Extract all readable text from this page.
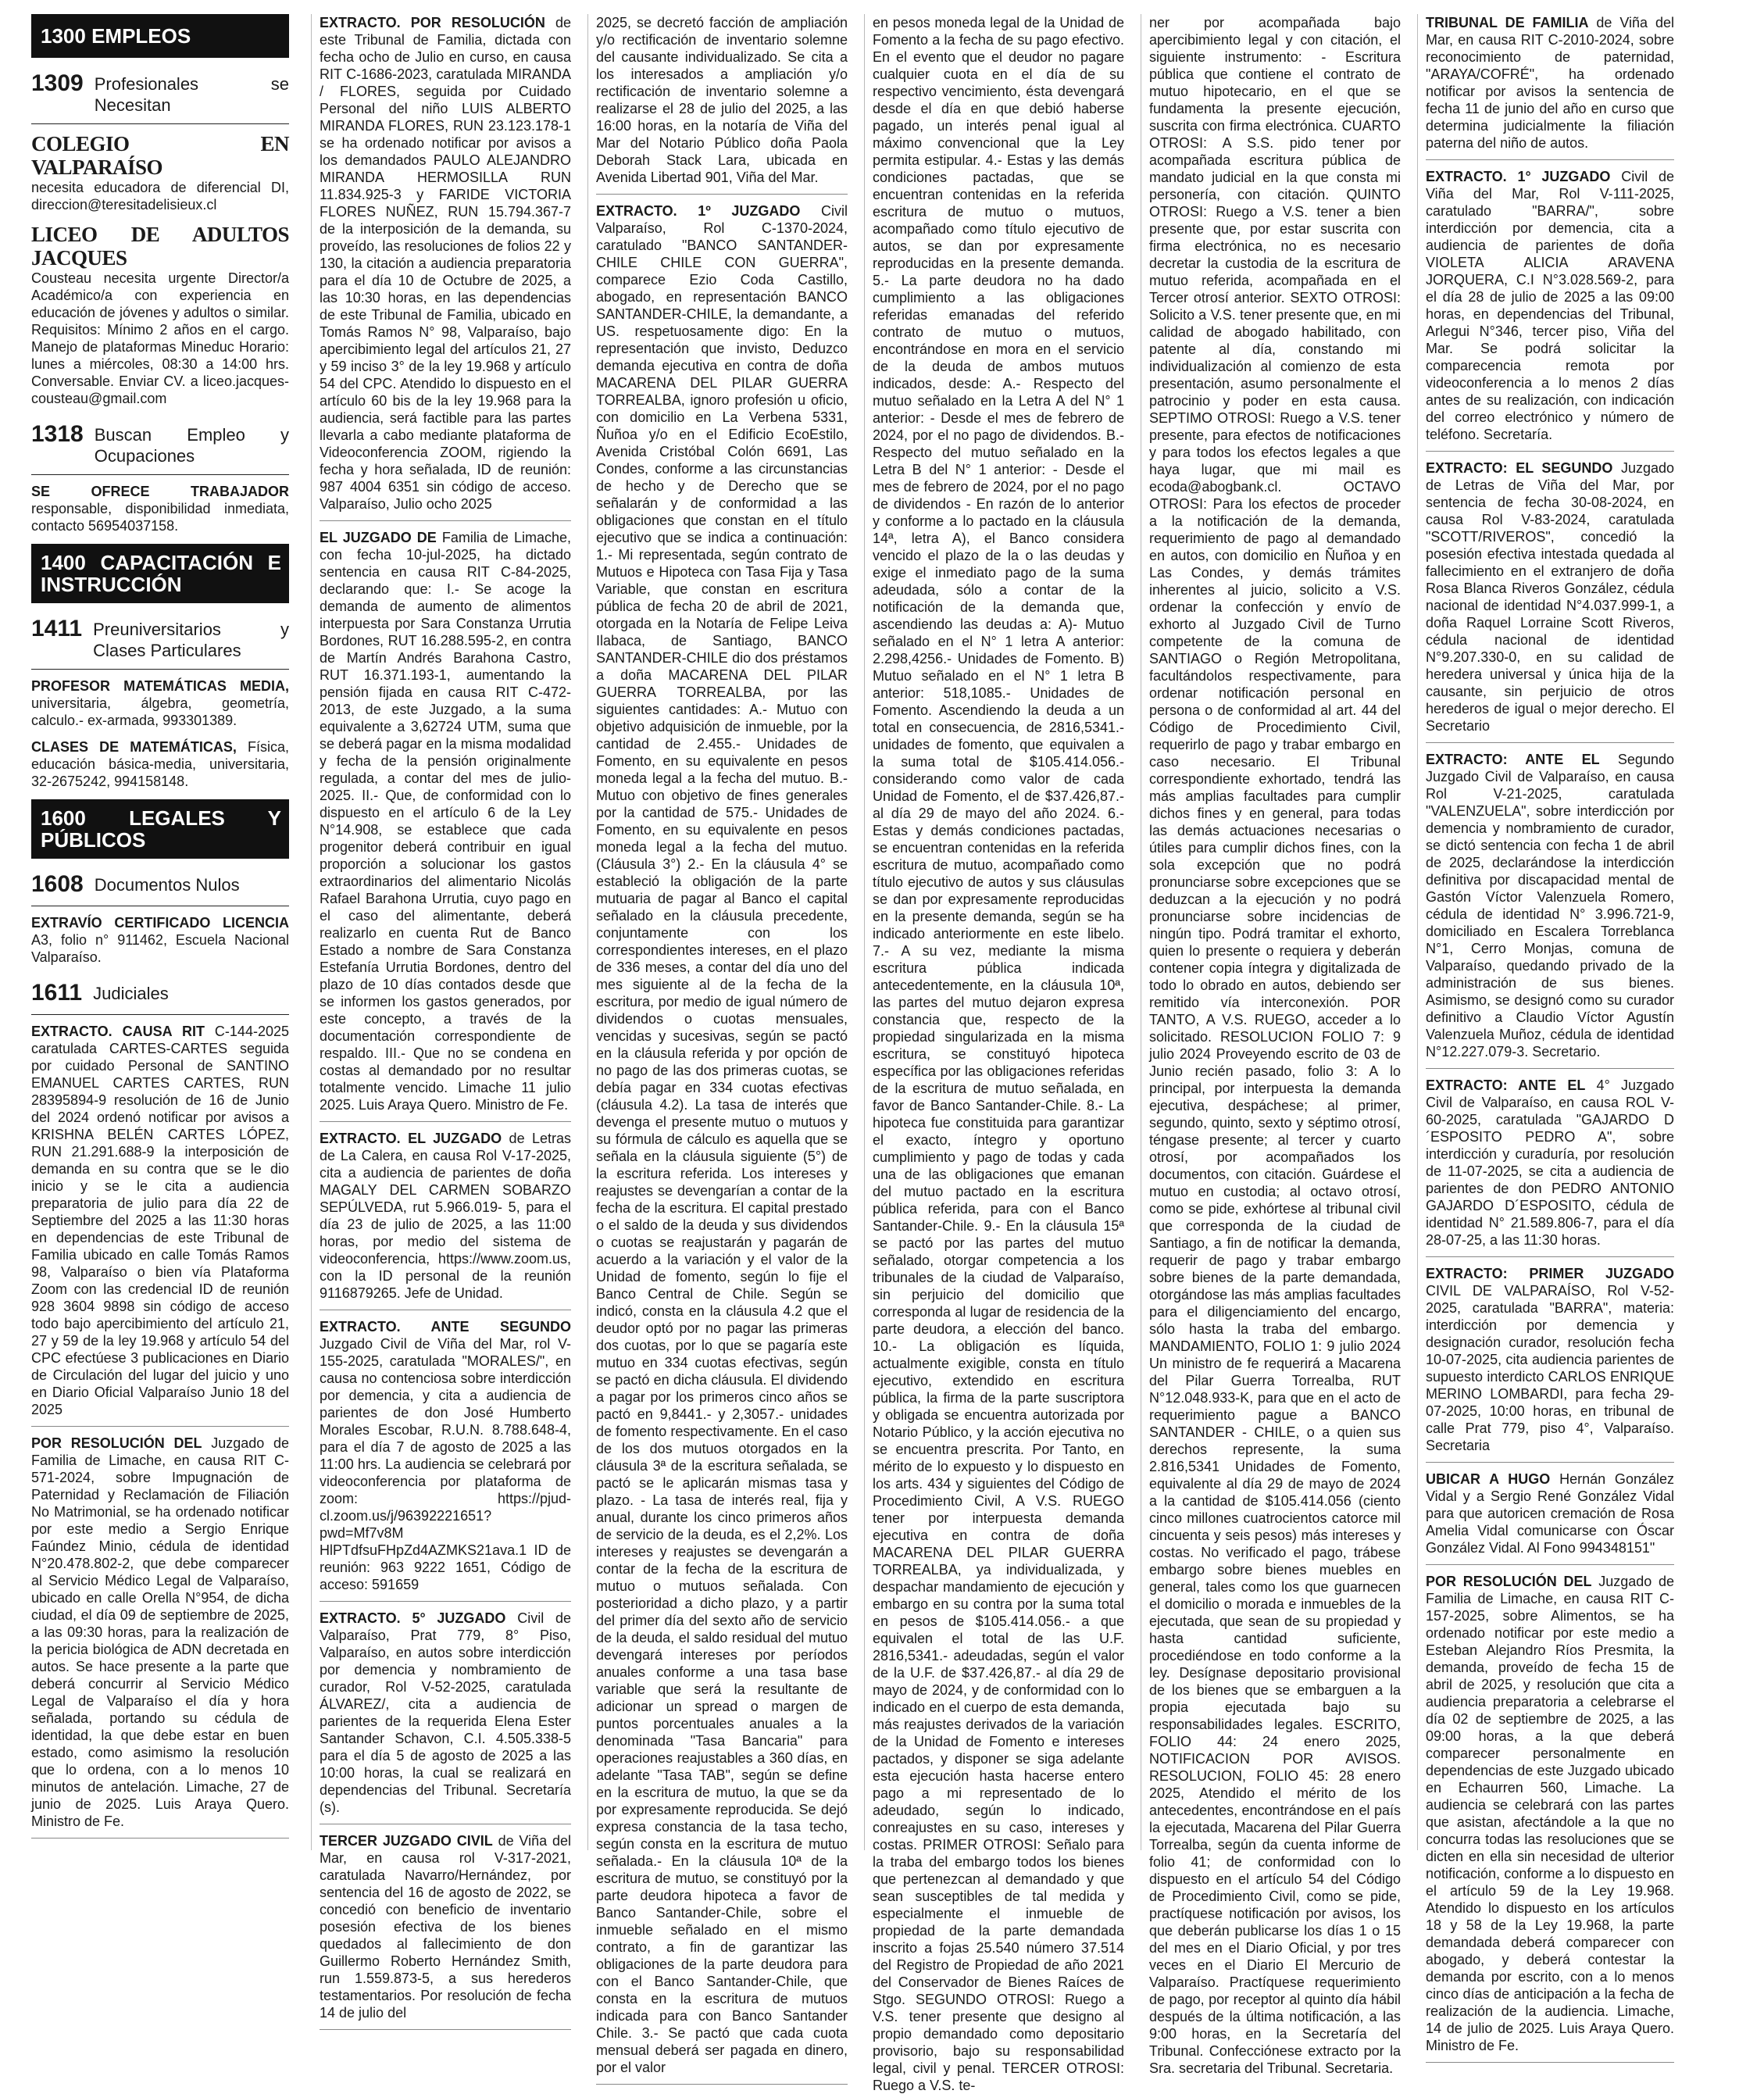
1300 EMPLEOS
1309 Profesionales se Necesitan
COLEGIO EN VALPARAÍSO
necesita educadora de diferencial DI, direccion@teresitadelisieux.cl
LICEO DE ADULTOS JACQUES
Cousteau necesita urgente Director/a Académico/a con experiencia en educación de jóvenes y adultos o similar. Requisitos: Mínimo 2 años en el cargo. Manejo de plataformas Mineduc Horario: lunes a miércoles, 08:30 a 14:00 hrs. Conversable. Enviar CV. a liceo.jacques-cousteau@gmail.com
1318 Buscan Empleo y Ocupaciones
SE OFRECE TRABAJADOR responsable, disponibilidad inmediata, contacto 56954037158.
1400 CAPACITACIÓN E INSTRUCCIÓN
1411 Preuniversitarios y Clases Particulares
PROFESOR MATEMÁTICAS MEDIA, universitaria, álgebra, geometría, calculo.- ex-armada, 993301389.
CLASES DE MATEMÁTICAS, Física, educación básica-media, universitaria, 32-2675242, 994158148.
1600 LEGALES Y PÚBLICOS
1608 Documentos Nulos
EXTRAVÍO CERTIFICADO LICENCIA A3, folio n° 911462, Escuela Nacional Valparaíso.
1611 Judiciales
EXTRACTO. CAUSA RIT C-144-2025 caratulada CARTES-CARTES seguida por cuidado Personal de SANTINO EMANUEL CARTES CARTES, RUN 28395894-9 resolución de 16 de Junio del 2024 ordenó notificar por avisos a KRISHNA BELÉN CARTES LÓPEZ, RUN 21.291.688-9 la interposición de demanda en su contra que se le dio inicio y se le cita a audiencia preparatoria de julio para día 22 de Septiembre del 2025 a las 11:30 horas en dependencias de este Tribunal de Familia ubicado en calle Tomás Ramos 98, Valparaíso o bien vía Plataforma Zoom con las credencial ID de reunión 928 3604 9898 sin código de acceso todo bajo apercibimiento del artículo 21, 27 y 59 de la ley 19.968 y artículo 54 del CPC efectúese 3 publicaciones en Diario de Circulación del lugar del juicio y uno en Diario Oficial Valparaíso Junio 18 del 2025
POR RESOLUCIÓN DEL Juzgado de Familia de Limache, en causa RIT C-571-2024, sobre Impugnación de Paternidad y Reclamación de Filiación No Matrimonial, se ha ordenado notificar por este medio a Sergio Enrique Faúndez Minio, cédula de identidad N°20.478.802-2, que debe comparecer al Servicio Médico Legal de Valparaíso, ubicado en calle Orella N°954, de dicha ciudad, el día 09 de septiembre de 2025, a las 09:30 horas, para la realización de la pericia biológica de ADN decretada en autos. Se hace presente a la parte que deberá concurrir al Servicio Médico Legal de Valparaíso el día y hora señalada, portando su cédula de identidad, la que debe estar en buen estado, como asimismo la resolución que lo ordena, con a lo menos 10 minutos de antelación. Limache, 27 de junio de 2025. Luis Araya Quero. Ministro de Fe.
EXTRACTO. POR RESOLUCIÓN de este Tribunal de Familia, dictada con fecha ocho de Julio en curso, en causa RIT C-1686-2023, caratulada MIRANDA / FLORES, seguida por Cuidado Personal del niño LUIS ALBERTO MIRANDA FLORES, RUN 23.123.178-1 se ha ordenado notificar por avisos a los demandados PAULO ALEJANDRO MIRANDA HERMOSILLA RUN 11.834.925-3 y FARIDE VICTORIA FLORES NUÑEZ, RUN 15.794.367-7 de la interposición de la demanda, su proveído, las resoluciones de folios 22 y 130, la citación a audiencia preparatoria para el día 10 de Octubre de 2025, a las 10:30 horas, en las dependencias de este Tribunal de Familia, ubicado en Tomás Ramos N° 98, Valparaíso, bajo apercibimiento legal del artículos 21, 27 y 59 inciso 3° de la ley 19.968 y artículo 54 del CPC. Atendido lo dispuesto en el artículo 60 bis de la ley 19.968 para la audiencia, será factible para las partes llevarla a cabo mediante plataforma de Videoconferencia ZOOM, rigiendo la fecha y hora señalada, ID de reunión: 987 4004 6351 sin código de acceso. Valparaíso, Julio ocho 2025
EL JUZGADO DE Familia de Limache, con fecha 10-jul-2025, ha dictado sentencia en causa RIT C-84-2025, declarando que: I.- Se acoge la demanda de aumento de alimentos interpuesta por Sara Constanza Urrutia Bordones, RUT 16.288.595-2, en contra de Martín Andrés Barahona Castro, RUT 16.371.193-1, aumentando la pensión fijada en causa RIT C-472-2013, de este Juzgado, a la suma equivalente a 3,62724 UTM, suma que se deberá pagar en la misma modalidad y fecha de la pensión originalmente regulada, a contar del mes de julio-2025. II.- Que, de conformidad con lo dispuesto en el artículo 6 de la Ley N°14.908, se establece que cada progenitor deberá contribuir en igual proporción a solucionar los gastos extraordinarios del alimentario Nicolás Rafael Barahona Urrutia, cuyo pago en el caso del alimentante, deberá realizarlo en cuenta Rut de Banco Estado a nombre de Sara Constanza Estefanía Urrutia Bordones, dentro del plazo de 10 días contados desde que se informen los gastos generados, por este concepto, a través de la documentación correspondiente de respaldo. III.- Que no se condena en costas al demandado por no resultar totalmente vencido. Limache 11 julio 2025. Luis Araya Quero. Ministro de Fe.
EXTRACTO. EL JUZGADO de Letras de La Calera, en causa Rol V-17-2025, cita a audiencia de parientes de doña MAGALY DEL CARMEN SOBARZO SEPÚLVEDA, rut 5.966.019- 5, para el día 23 de julio de 2025, a las 11:00 horas, por medio del sistema de videoconferencia, https://www.zoom.us, con la ID personal de la reunión 9116879265. Jefe de Unidad.
EXTRACTO. ANTE SEGUNDO Juzgado Civil de Viña del Mar, rol V-155-2025, caratulada "MORALES/", en causa no contenciosa sobre interdicción por demencia, y cita a audiencia de parientes de don José Humberto Morales Escobar, R.U.N. 8.788.648-4, para el día 7 de agosto de 2025 a las 11:00 hrs. La audiencia se celebrará por videoconferencia por plataforma de zoom: https://pjud-cl.zoom.us/j/96392221651?pwd=Mf7v8M HlPTdfsuFHpZd4AZMKS21ava.1 ID de reunión: 963 9222 1651, Código de acceso: 591659
EXTRACTO. 5° JUZGADO Civil de Valparaíso, Prat 779, 8° Piso, Valparaíso, en autos sobre interdicción por demencia y nombramiento de curador, Rol V-52-2025, caratulada ÁLVAREZ/, cita a audiencia de parientes de la requerida Elena Ester Santander Schavon, C.I. 4.505.338-5 para el día 5 de agosto de 2025 a las 10:00 horas, la cual se realizará en dependencias del Tribunal. Secretaría (s).
TERCER JUZGADO CIVIL de Viña del Mar, en causa rol V-317-2021, caratulada Navarro/Hernández, por sentencia del 16 de agosto de 2022, se concedió con beneficio de inventario posesión efectiva de los bienes quedados al fallecimiento de don Guillermo Roberto Hernández Smith, run 1.559.873-5, a sus herederos testamentarios. Por resolución de fecha 14 de julio del
2025, se decretó facción de ampliación y/o rectificación de inventario solemne del causante individualizado. Se cita a los interesados a ampliación y/o rectificación de inventario solemne a realizarse el 28 de julio del 2025, a las 16:00 horas, en la notaría de Viña del Mar del Notario Público doña Paola Deborah Stack Lara, ubicada en Avenida Libertad 901, Viña del Mar.
EXTRACTO. 1º JUZGADO Civil Valparaíso, Rol C-1370-2024, caratulado "BANCO SANTANDER-CHILE CHILE CON GUERRA", comparece Ezio Coda Castillo, abogado, en representación BANCO SANTANDER-CHILE, la demandante, a US. respetuosamente digo: En la representación que invisto, Deduzco demanda ejecutiva en contra de doña MACARENA DEL PILAR GUERRA TORREALBA, ignoro profesión u oficio, con domicilio en La Verbena 5331, Ñuñoa y/o en el Edificio EcoEstilo, Avenida Cristóbal Colón 6691, Las Condes, conforme a las circunstancias de hecho y de Derecho que se señalarán y de conformidad a las obligaciones que constan en el título ejecutivo que se indica a continuación: 1.- Mi representada, según contrato de Mutuos e Hipoteca con Tasa Fija y Tasa Variable, que constan en escritura pública de fecha 20 de abril de 2021, otorgada en la Notaría de Felipe Leiva Ilabaca, de Santiago, BANCO SANTANDER-CHILE dio dos préstamos a doña MACARENA DEL PILAR GUERRA TORREALBA, por las siguientes cantidades: A.- Mutuo con objetivo adquisición de inmueble, por la cantidad de 2.455.- Unidades de Fomento, en su equivalente en pesos moneda legal a la fecha del mutuo. B.- Mutuo con objetivo de fines generales por la cantidad de 575.- Unidades de Fomento, en su equivalente en pesos moneda legal a la fecha del mutuo. (Cláusula 3°) 2.- En la cláusula 4° se estableció la obligación de la parte mutuaria de pagar al Banco el capital señalado en la cláusula precedente, conjuntamente con los correspondientes intereses, en el plazo de 336 meses, a contar del día uno del mes siguiente al de la fecha de la escritura, por medio de igual número de dividendos o cuotas mensuales, vencidas y sucesivas, según se pactó en la cláusula referida y por opción de no pago de las dos primeras cuotas, se debía pagar en 334 cuotas efectivas (cláusula 4.2). La tasa de interés que devenga el presente mutuo o mutuos y su fórmula de cálculo es aquella que se señala en la cláusula siguiente (5°) de la escritura referida. Los intereses y reajustes se devengarían a contar de la fecha de la escritura. El capital prestado o el saldo de la deuda y sus dividendos o cuotas se reajustarán y pagarán de acuerdo a la variación y el valor de la Unidad de fomento, según lo fije el Banco Central de Chile. Según se indicó, consta en la cláusula 4.2 que el deudor optó por no pagar las primeras dos cuotas, por lo que se pagaría este mutuo en 334 cuotas efectivas, según se pactó en dicha cláusula. El dividendo a pagar por los primeros cinco años se pactó en 9,8441.- y 2,3057.- unidades de fomento respectivamente. En el caso de los dos mutuos otorgados en la cláusula 3ª de la escritura señalada, se pactó se le aplicarán mismas tasa y plazo. - La tasa de interés real, fija y anual, durante los cinco primeros años de servicio de la deuda, es el 2,2%. Los intereses y reajustes se devengarán a contar de la fecha de la escritura de mutuo o mutuos señalada. Con posterioridad a dicho plazo, y a partir del primer día del sexto año de servicio de la deuda, el saldo residual del mutuo devengará intereses por períodos anuales conforme a una tasa base variable que será la resultante de adicionar un spread o margen de puntos porcentuales anuales a la denominada "Tasa Bancaria" para operaciones reajustables a 360 días, en adelante "Tasa TAB", según se define en la escritura de mutuo, la que se da por expresamente reproducida. Se dejó expresa constancia de la tasa techo, según consta en la escritura de mutuo señalada.- En la cláusula 10ª de la escritura de mutuo, se constituyó por la parte deudora hipoteca a favor de Banco Santander-Chile, sobre el inmueble señalado en el mismo contrato, a fin de garantizar las obligaciones de la parte deudora para con el Banco Santander-Chile, que consta en la escritura de mutuos indicada para con Banco Santander Chile. 3.- Se pactó que cada cuota mensual deberá ser pagada en dinero, por el valor
en pesos moneda legal de la Unidad de Fomento a la fecha de su pago efectivo. En el evento que el deudor no pagare cualquier cuota en el día de su respectivo vencimiento, ésta devengará desde el día en que debió haberse pagado, un interés penal igual al máximo convencional que la Ley permita estipular. 4.- Estas y las demás condiciones pactadas, que se encuentran contenidas en la referida escritura de mutuo o mutuos, acompañado como título ejecutivo de autos, se dan por expresamente reproducidas en la presente demanda. 5.- La parte deudora no ha dado cumplimiento a las obligaciones referidas emanadas del referido contrato de mutuo o mutuos, encontrándose en mora en el servicio de la deuda de ambos mutuos indicados, desde: A.- Respecto del mutuo señalado en la Letra A del N° 1 anterior: - Desde el mes de febrero de 2024, por el no pago de dividendos. B.- Respecto del mutuo señalado en la Letra B del N° 1 anterior: - Desde el mes de febrero de 2024, por el no pago de dividendos - En razón de lo anterior y conforme a lo pactado en la cláusula 14ª, letra A), el Banco considera vencido el plazo de la o las deudas y exige el inmediato pago de la suma adeudada, sólo a contar de la notificación de la demanda que, ascendiendo las deudas a: A)- Mutuo señalado en el N° 1 letra A anterior: 2.298,4256.- Unidades de Fomento. B) Mutuo señalado en el N° 1 letra B anterior: 518,1085.- Unidades de Fomento. Ascendiendo la deuda a un total en consecuencia, de 2816,5341.- unidades de fomento, que equivalen a la suma total de $105.414.056.- considerando como valor de cada Unidad de Fomento, el de $37.426,87.- al día 29 de mayo del año 2024. 6.- Estas y demás condiciones pactadas, se encuentran contenidas en la referida escritura de mutuo, acompañado como título ejecutivo de autos y sus cláusulas se dan por expresamente reproducidas en la presente demanda, según se ha indicado anteriormente en este libelo. 7.- A su vez, mediante la misma escritura pública indicada antecedentemente, en la cláusula 10ª, las partes del mutuo dejaron expresa constancia que, respecto de la propiedad singularizada en la misma escritura, se constituyó hipoteca específica por las obligaciones referidas de la escritura de mutuo señalada, en favor de Banco Santander-Chile. 8.- La hipoteca fue constituida para garantizar el exacto, íntegro y oportuno cumplimiento y pago de todas y cada una de las obligaciones que emanan del mutuo pactado en la escritura pública referida, para con el Banco Santander-Chile. 9.- En la cláusula 15ª se pactó por las partes del mutuo señalado, otorgar competencia a los tribunales de la ciudad de Valparaíso, sin perjuicio del domicilio que corresponda al lugar de residencia de la parte deudora, a elección del banco. 10.- La obligación es líquida, actualmente exigible, consta en título ejecutivo, extendido en escritura pública, la firma de la parte suscriptora y obligada se encuentra autorizada por Notario Público, y la acción ejecutiva no se encuentra prescrita. Por Tanto, en mérito de lo expuesto y lo dispuesto en los arts. 434 y siguientes del Código de Procedimiento Civil, A V.S. RUEGO tener por interpuesta demanda ejecutiva en contra de doña MACARENA DEL PILAR GUERRA TORREALBA, ya individualizada, y despachar mandamiento de ejecución y embargo en su contra por la suma total en pesos de $105.414.056.- a que equivalen el total de las U.F. 2816,5341.- adeudadas, según el valor de la U.F. de $37.426,87.- al día 29 de mayo de 2024, y de conformidad con lo indicado en el cuerpo de esta demanda, más reajustes derivados de la variación de la Unidad de Fomento e intereses pactados, y disponer se siga adelante esta ejecución hasta hacerse entero pago a mi representado de lo adeudado, según lo indicado, conreajustes en su caso, intereses y costas. PRIMER OTROSI: Señalo para la traba del embargo todos los bienes que pertenezcan al demandado y que sean susceptibles de tal medida y especialmente el inmueble de propiedad de la parte demandada inscrito a fojas 25.540 número 37.514 del Registro de Propiedad de año 2021 del Conservador de Bienes Raíces de Stgo. SEGUNDO OTROSI: Ruego a V.S. tener presente que designo al propio demandado como depositario provisorio, bajo su responsabilidad legal, civil y penal. TERCER OTROSI: Ruego a V.S. te-
ner por acompañada bajo apercibimiento legal y con citación, el siguiente instrumento: - Escritura pública que contiene el contrato de mutuo hipotecario, en el que se fundamenta la presente ejecución, suscrita con firma electrónica. CUARTO OTROSI: A S.S. pido tener por acompañada escritura pública de mandato judicial en la que consta mi personería, con citación. QUINTO OTROSI: Ruego a V.S. tener a bien presente que, por estar suscrita con firma electrónica, no es necesario decretar la custodia de la escritura de mutuo referida, acompañada en el Tercer otrosí anterior. SEXTO OTROSI: Solicito a V.S. tener presente que, en mi calidad de abogado habilitado, con patente al día, constando mi individualización al comienzo de esta presentación, asumo personalmente el patrocinio y poder en esta causa. SEPTIMO OTROSI: Ruego a V.S. tener presente, para efectos de notificaciones y para todos los efectos legales a que haya lugar, que mi mail es ecoda@abogbank.cl. OCTAVO OTROSI: Para los efectos de proceder a la notificación de la demanda, requerimiento de pago al demandado en autos, con domicilio en Ñuñoa y en Las Condes, y demás trámites inherentes al juicio, solicito a V.S. ordenar la confección y envío de exhorto al Juzgado Civil de Turno competente de la comuna de SANTIAGO o Región Metropolitana, facultándolos respectivamente, para ordenar notificación personal en persona o de conformidad al art. 44 del Código de Procedimiento Civil, requerirlo de pago y trabar embargo en caso necesario. El Tribunal correspondiente exhortado, tendrá las más amplias facultades para cumplir dichos fines y en general, para todas las demás actuaciones necesarias o útiles para cumplir dichos fines, con la sola excepción que no podrá pronunciarse sobre excepciones que se deduzcan a la ejecución y no podrá pronunciarse sobre incidencias de ningún tipo. Podrá tramitar el exhorto, quien lo presente o requiera y deberán contener copia íntegra y digitalizada de todo lo obrado en autos, debiendo ser remitido vía interconexión. POR TANTO, A V.S. RUEGO, acceder a lo solicitado. RESOLUCION FOLIO 7: 9 julio 2024 Proveyendo escrito de 03 de Junio recién pasado, folio 3: A lo principal, por interpuesta la demanda ejecutiva, despáchese; al primer, segundo, quinto, sexto y séptimo otrosí, téngase presente; al tercer y cuarto otrosí, por acompañados los documentos, con citación. Guárdese el mutuo en custodia; al octavo otrosí, como se pide, exhórtese al tribunal civil que corresponda de la ciudad de Santiago, a fin de notificar la demanda, requerir de pago y trabar embargo sobre bienes de la parte demandada, otorgándose las más amplias facultades para el diligenciamiento del encargo, sólo hasta la traba del embargo. MANDAMIENTO, FOLIO 1: 9 julio 2024 Un ministro de fe requerirá a Macarena del Pilar Guerra Torrealba, RUT N°12.048.933-K, para que en el acto de requerimiento pague a BANCO SANTANDER - CHILE, o a quien sus derechos represente, la suma 2.816,5341 Unidades de Fomento, equivalente al día 29 de mayo de 2024 a la cantidad de $105.414.056 (ciento cinco millones cuatrocientos catorce mil cincuenta y seis pesos) más intereses y costas. No verificado el pago, trábese embargo sobre bienes muebles en general, tales como los que guarnecen el domicilio o morada e inmuebles de la ejecutada, que sean de su propiedad y hasta cantidad suficiente, procediéndose en todo conforme a la ley. Desígnase depositario provisional de los bienes que se embarguen a la propia ejecutada bajo su responsabilidades legales. ESCRITO, FOLIO 44: 24 enero 2025, NOTIFICACION POR AVISOS. RESOLUCION, FOLIO 45: 28 enero 2025, Atendido el mérito de los antecedentes, encontrándose en el país la ejecutada, Macarena del Pilar Guerra Torrealba, según da cuenta informe de folio 41; de conformidad con lo dispuesto en el artículo 54 del Código de Procedimiento Civil, como se pide, practíquese notificación por avisos, los que deberán publicarse los días 1 o 15 del mes en el Diario Oficial, y por tres veces en el Diario El Mercurio de Valparaíso. Practíquese requerimiento de pago, por receptor al quinto día hábil después de la última notificación, a las 9:00 horas, en la Secretaría del Tribunal. Confecciónese extracto por la Sra. secretaria del Tribunal. Secretaria.
TRIBUNAL DE FAMILIA de Viña del Mar, en causa RIT C-2010-2024, sobre reconocimiento de paternidad, "ARAYA/COFRÉ", ha ordenado notificar por avisos la sentencia de fecha 11 de junio del año en curso que determina judicialmente la filiación paterna del niño de autos.
EXTRACTO. 1° JUZGADO Civil de Viña del Mar, Rol V-111-2025, caratulado "BARRA/", sobre interdicción por demencia, cita a audiencia de parientes de doña VIOLETA ALICIA ARAVENA JORQUERA, C.I N°3.028.569-2, para el día 28 de julio de 2025 a las 09:00 horas, en dependencias del Tribunal, Arlegui N°346, tercer piso, Viña del Mar. Se podrá solicitar la comparecencia remota por videoconferencia a lo menos 2 días antes de su realización, con indicación del correo electrónico y número de teléfono. Secretaría.
EXTRACTO: EL SEGUNDO Juzgado de Letras de Viña del Mar, por sentencia de fecha 30-08-2024, en causa Rol V-83-2024, caratulada "SCOTT/RIVEROS", concedió la posesión efectiva intestada quedada al fallecimiento en el extranjero de doña Rosa Blanca Riveros González, cédula nacional de identidad N°4.037.999-1, a doña Raquel Lorraine Scott Riveros, cédula nacional de identidad N°9.207.330-0, en su calidad de heredera universal y única hija de la causante, sin perjuicio de otros herederos de igual o mejor derecho. El Secretario
EXTRACTO: ANTE EL Segundo Juzgado Civil de Valparaíso, en causa Rol V-21-2025, caratulada "VALENZUELA", sobre interdicción por demencia y nombramiento de curador, se dictó sentencia con fecha 1 de abril de 2025, declarándose la interdicción definitiva por discapacidad mental de Gastón Víctor Valenzuela Romero, cédula de identidad N° 3.996.721-9, domiciliado en Escalera Torreblanca N°1, Cerro Monjas, comuna de Valparaíso, quedando privado de la administración de sus bienes. Asimismo, se designó como su curador definitivo a Claudio Víctor Agustín Valenzuela Muñoz, cédula de identidad N°12.227.079-3. Secretario.
EXTRACTO: ANTE EL 4° Juzgado Civil de Valparaíso, en causa ROL V- 60-2025, caratulada "GAJARDO D´ESPOSITO PEDRO A", sobre interdicción y curaduría, por resolución de 11-07-2025, se cita a audiencia de parientes de don PEDRO ANTONIO GAJARDO D´ESPOSITO, cédula de identidad N° 21.589.806-7, para el día 28-07-25, a las 11:30 horas.
EXTRACTO: PRIMER JUZGADO CIVIL DE VALPARAÍSO, Rol V-52-2025, caratulada "BARRA", materia: interdicción por demencia y designación curador, resolución fecha 10-07-2025, cita audiencia parientes de supuesto interdicto CARLOS ENRIQUE MERINO LOMBARDI, para fecha 29-07-2025, 10:00 horas, en tribunal de calle Prat 779, piso 4°, Valparaíso. Secretaria
UBICAR A HUGO Hernán González Vidal y a Sergio René González Vidal para que autoricen cremación de Rosa Amelia Vidal comunicarse con Óscar González Vidal. Al Fono 994348151"
POR RESOLUCIÓN DEL Juzgado de Familia de Limache, en causa RIT C-157-2025, sobre Alimentos, se ha ordenado notificar por este medio a Esteban Alejandro Ríos Presmita, la demanda, proveído de fecha 15 de abril de 2025, y resolución que cita a audiencia preparatoria a celebrarse el día 02 de septiembre de 2025, a las 09:00 horas, a la que deberá comparecer personalmente en dependencias de este Juzgado ubicado en Echaurren 560, Limache. La audiencia se celebrará con las partes que asistan, afectándole a la que no concurra todas las resoluciones que se dicten en ella sin necesidad de ulterior notificación, conforme a lo dispuesto en el artículo 59 de la Ley 19.968. Atendido lo dispuesto en los artículos 18 y 58 de la Ley 19.968, la parte demandada deberá comparecer con abogado, y deberá contestar la demanda por escrito, con a lo menos cinco días de anticipación a la fecha de realización de la audiencia. Limache, 14 de julio de 2025. Luis Araya Quero. Ministro de Fe.
